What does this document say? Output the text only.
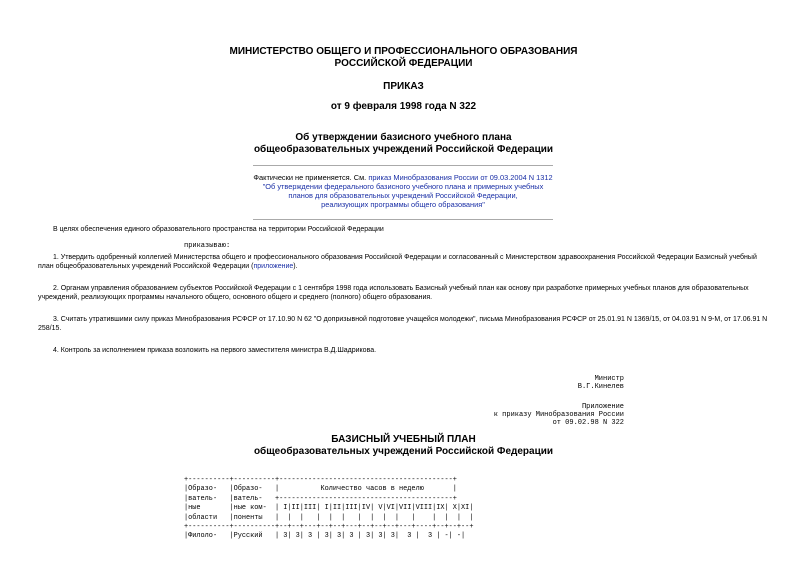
МИНИСТЕРСТВО ОБЩЕГО И ПРОФЕССИОНАЛЬНОГО ОБРАЗОВАНИЯ
РОССИЙСКОЙ ФЕДЕРАЦИИ
ПРИКАЗ
от 9 февраля 1998 года N 322
Об утверждении базисного учебного плана
общеобразовательных учреждений Российской Федерации
Фактически не применяется. См. приказ Минобразования России от 09.03.2004 N 1312
"Об утверждении федерального базисного учебного плана и примерных учебных
планов для образовательных учреждений Российской Федерации,
реализующих программы общего образования"
В целях обеспечения единого образовательного пространства на территории Российской Федерации
приказываю:
1. Утвердить одобренный коллегией Министерства общего и профессионального образования Российской Федерации и согласованный с Министерством здравоохранения Российской Федерации Базисный учебный план общеобразовательных учреждений Российской Федерации (приложение).
2. Органам управления образованием субъектов Российской Федерации с 1 сентября 1998 года использовать Базисный учебный план как основу при разработке примерных учебных планов для образовательных учреждений, реализующих программы начального общего, основного общего и среднего (полного) общего образования.
3. Считать утратившими силу приказ Минобразования РСФСР от 17.10.90 N 62 "О допризывной подготовке учащейся молодежи", письма Минобразования РСФСР от 25.01.91 N 1369/15, от 04.03.91 N 9-М, от 17.06.91 N 258/15.
4. Контроль за исполнением приказа возложить на первого заместителя министра В.Д.Шадрикова.
Министр
В.Г.Кинелев
Приложение
к приказу Минобразования России
от 09.02.98 N 322
БАЗИСНЫЙ УЧЕБНЫЙ ПЛАН
общеобразовательных учреждений Российской Федерации
+----------+----------+------------------------------------------+
|Образо-   |Образо-   |          Количество часов в неделю       |
|ватель-   |ватель-   +------------------------------------------+
|ные       |ные ком-  | I|II|III| I|II|III|IV| V|VI|VII|VIII|IX| X|XI|
|области   |поненты   |  |  |   |  |  |   |  |  |  |   |    |  |  |  |
+----------+----------+--+--+---+--+--+---+--+--+--+---+----+--+--+--+
|Филоло-   |Русский   | 3| 3| 3 | 3| 3| 3 | 3| 3| 3|  3 |  3 | -| -|
